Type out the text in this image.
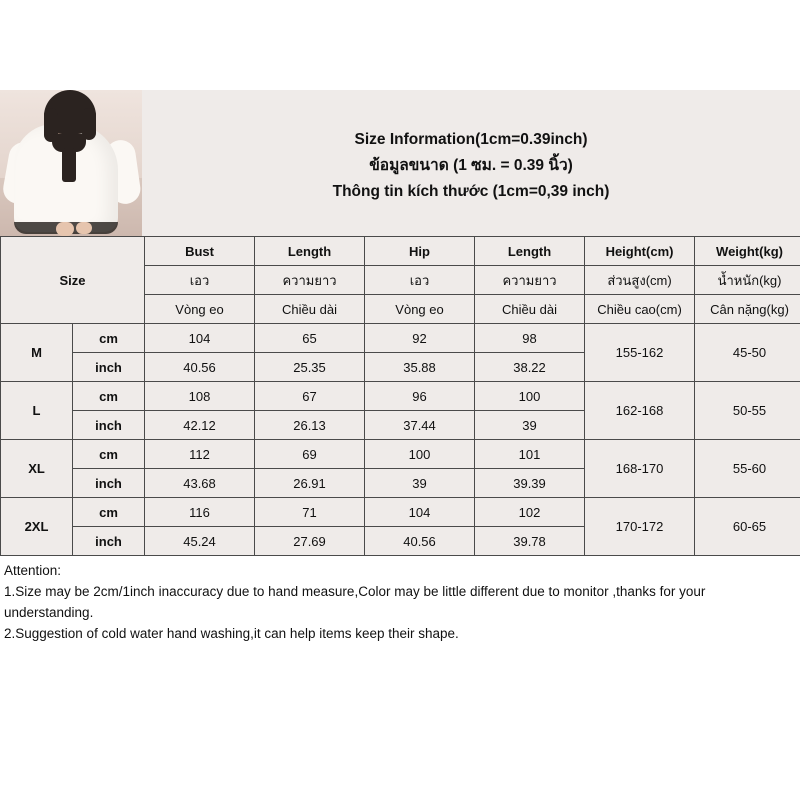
Size Information(1cm=0.39inch)
ข้อมูลขนาด (1 ซม. = 0.39 นิ้ว)
Thông tin kích thước (1cm=0,39 inch)
Size		Bust	Length	Hip	Length	Height(cm)	Weight(kg)
		เอว	ความยาว	เอว	ความยาว	ส่วนสูง(cm)	น้ำหนัก(kg)
		Vòng eo	Chiều dài	Vòng eo	Chiều dài	Chiều cao(cm)	Cân nặng(kg)
M	cm	104	65	92	98	155-162	45-50
	inch	40.56	25.35	35.88	38.22		
L	cm	108	67	96	100	162-168	50-55
	inch	42.12	26.13	37.44	39		
XL	cm	112	69	100	101	168-170	55-60
	inch	43.68	26.91	39	39.39		
2XL	cm	116	71	104	102	170-172	60-65
	inch	45.24	27.69	40.56	39.78		

Attention:

1.Size may be 2cm/1inch inaccuracy due to hand measure,Color may be little different due to monitor ,thanks for your

understanding.

2.Suggestion of cold water hand washing,it can help items keep their shape.
